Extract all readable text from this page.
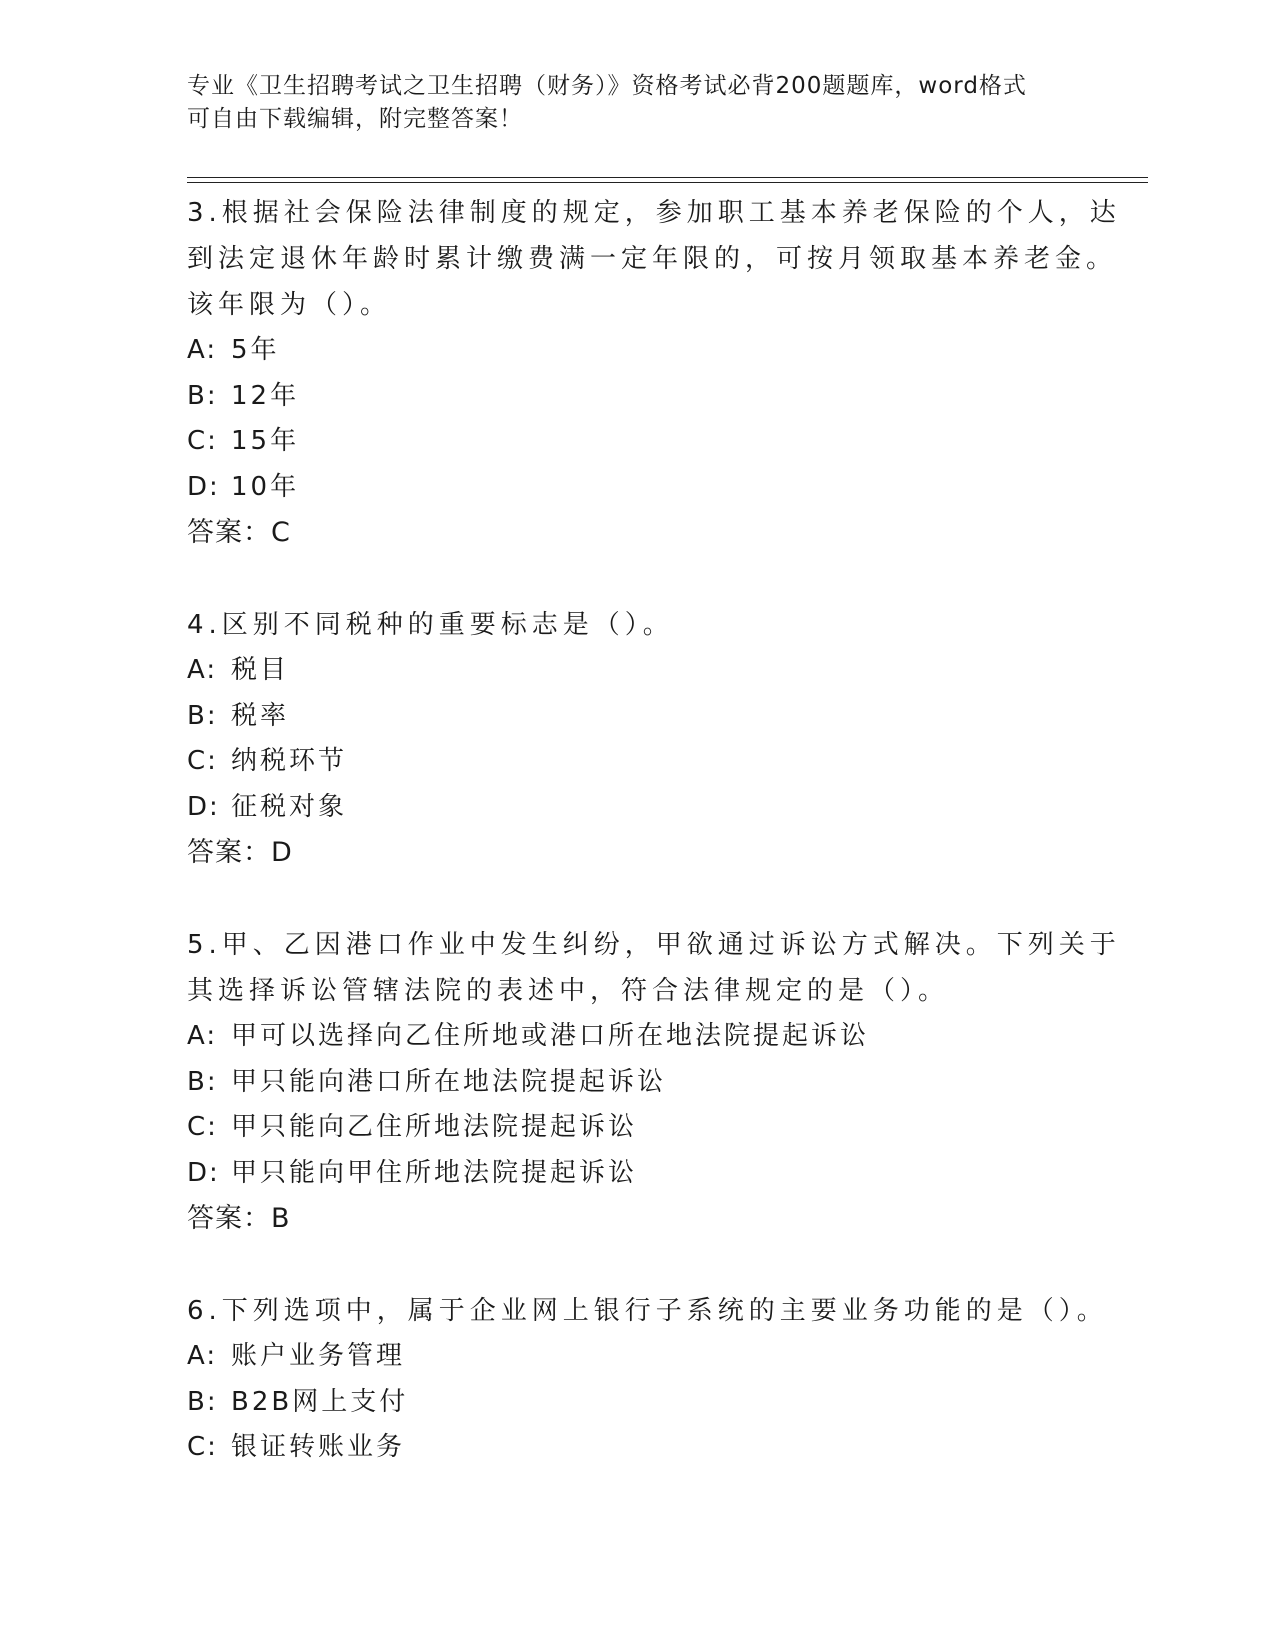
专业《卫生招聘考试之卫生招聘（财务）》资格考试必背200题题库，word格式
可自由下载编辑，附完整答案！
3.根据社会保险法律制度的规定，参加职工基本养老保险的个人，达
到法定退休年龄时累计缴费满一定年限的，可按月领取基本养老金。
该年限为（）。
A: 5年
B: 12年
C: 15年
D: 10年
答案：C
4.区别不同税种的重要标志是（）。
A: 税目
B: 税率
C: 纳税环节
D: 征税对象
答案：D
5.甲、乙因港口作业中发生纠纷，甲欲通过诉讼方式解决。下列关于
其选择诉讼管辖法院的表述中，符合法律规定的是（）。
A: 甲可以选择向乙住所地或港口所在地法院提起诉讼
B: 甲只能向港口所在地法院提起诉讼
C: 甲只能向乙住所地法院提起诉讼
D: 甲只能向甲住所地法院提起诉讼
答案：B
6.下列选项中，属于企业网上银行子系统的主要业务功能的是（）。
A: 账户业务管理
B: B2B网上支付
C: 银证转账业务
